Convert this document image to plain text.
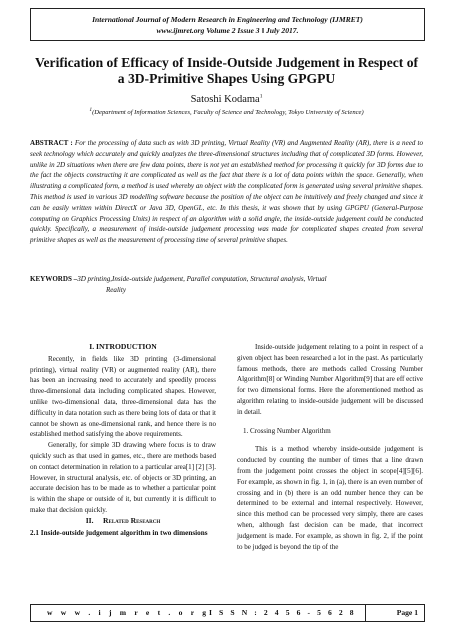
International Journal of Modern Research in Engineering and Technology (IJMRET)
www.ijmret.org Volume 2 Issue 3 ǁ July 2017.
Verification of Efficacy of Inside-Outside Judgement in Respect of
a 3D-Primitive Shapes Using GPGPU
Satoshi Kodama$^1$
$^1$(Department of Information Sciences, Faculty of Science and Technology, Tokyo University of Science)

ABSTRACT : For the processing of data such as with 3D printing, Virtual Reality (VR) and Augmented Reality (AR), there is a need to seek technology which accurately and quickly analyzes the three-dimensional structures including that of complicated 3D forms. However, unlike in 2D situations when there are few data points, there is not yet an established method for processing it quickly for 3D forms due to the fact the objects constructing it are complicated as well as the fact that there is a lot of data points within the space. Generally, when illustrating a complicated form, a method is used whereby an object with the complicated form is generated using several primitive shapes. This method is used in various 3D modelling software because the position of the object can be intuitively and freely changed and since it can be easily written within DirectX or Java 3D, OpenGL, etc. In this thesis, it was shown that by using GPGPU (General-Purpose computing on Graphics Processing Units) in respect of an algorithm with a solid angle, the inside-outside judgement could be conducted quickly. Specifically, a measurement of inside-outside judgement processing was made for complicated shapes created from several primitive shapes as well as the measurement of processing time of several primitive shapes.

KEYWORDS –3D printing,Inside-outside judgement, Parallel computation, Structural analysis, Virtual
Reality
I. INTRODUCTION

Recently, in fields like 3D printing (3-dimensional printing), virtual reality (VR) or augmented reality (AR), there has been an increasing need to accurately and speedily process three-dimensional data including complicated shapes. However, unlike two-dimensional data, three-dimensional data has the difficulty in data notation such as there being lots of data or that it cannot be shown as one-dimensional rank, and hence there is no established method satisfying the above requirements.

Generally, for simple 3D drawing where focus is to draw quickly such as that used in games, etc., there are methods based on contact determination in relation to a particular area[1] [2] [3]. However, in structural analysis, etc. of objects or 3D printing, an accurate decision has to be made as to whether a particular point is within the shape or outside of it, but currently it is difficult to make that decision quickly.

II. Related Research
2.1 Inside-outside judgement algorithm in two dimensions

Inside-outside judgement relating to a point in respect of a given object has been researched a lot in the past. As particularly famous methods, there are methods called Crossing Number Algorithm[8] or Winding Number Algorithm[9] that are eff ective for two dimensional forms. Here the aforementioned method as algorithm relating to inside-outside judgement will be discussed in detail.

1. Crossing Number Algorithm

This is a method whereby inside-outside judgement is conducted by counting the number of times that a line drawn from the judgement point crosses the object in scope[4][5][6]. For example, as shown in fig. 1, in (a), there is an even number of crossing and in (b) there is an odd number hence they can be determined to be external and internal respectively. However, since this method can be processed very simply, there are cases when, although fast decision can be made, that incorrect judgement is made. For example, as shown in fig. 2, if the point to be judged is beyond the tip of the

w w w . i j m r e t . o r g I S S N : 2 4 5 6 - 5 6 2 8	Page 1
